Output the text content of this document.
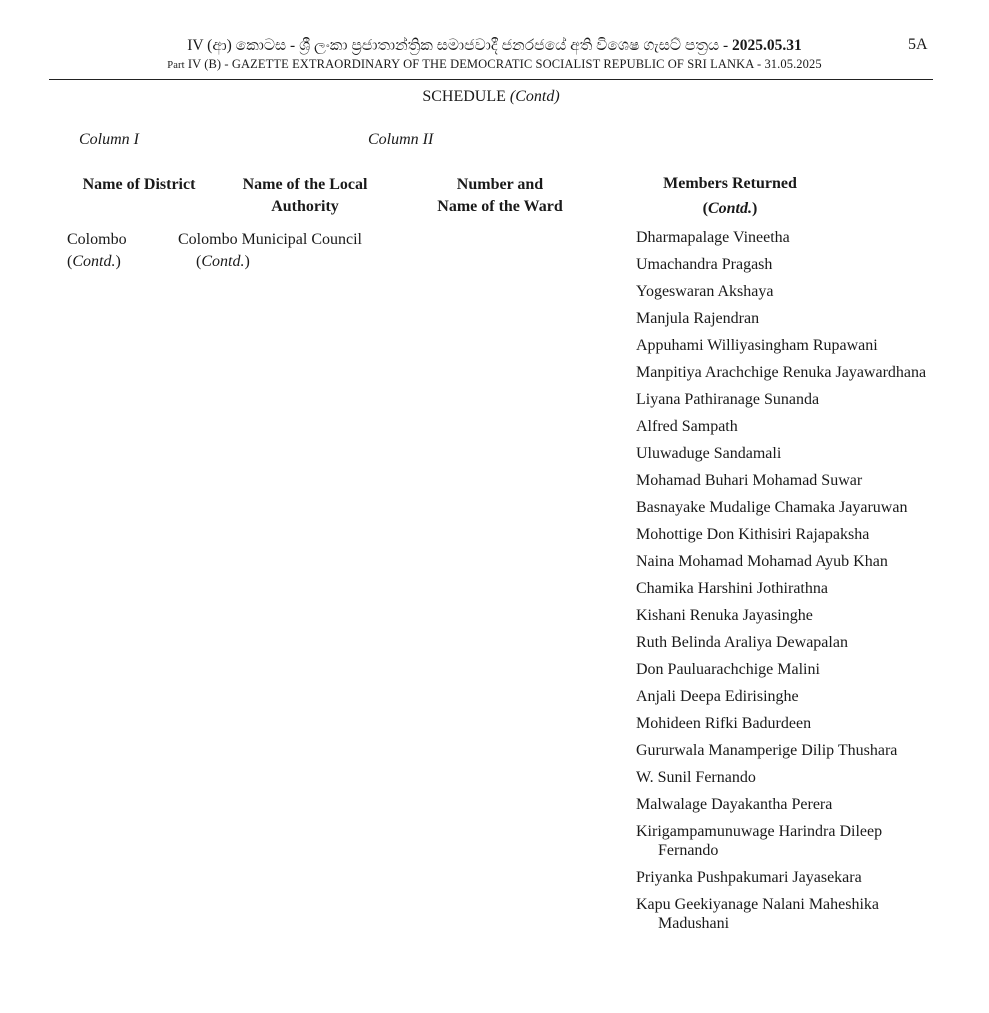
IV (ආ) කොටස - ශ්‍රී ලංකා ප්‍රජාතාන්ත්‍රික සමාජවාදී ජනරජයේ අති විශෙෂ ගැසට් පත්‍රය - 2025.05.31
Part IV (B) - GAZETTE EXTRAORDINARY OF THE DEMOCRATIC SOCIALIST REPUBLIC OF SRI LANKA - 31.05.2025
5A
SCHEDULE (Contd)
Column I	Column II
Name of District	Name of the Local
Authority
Number and
Name of the Ward
Members Returned
(Contd.)
Colombo
(Contd.)
Colombo Municipal Council
(Contd.)
Dharmapalage Vineetha
Umachandra Pragash
Yogeswaran Akshaya
Manjula Rajendran
Appuhami Williyasingham Rupawani
Manpitiya Arachchige Renuka Jayawardhana
Liyana Pathiranage Sunanda
Alfred Sampath
Uluwaduge Sandamali
Mohamad Buhari Mohamad Suwar
Basnayake Mudalige Chamaka Jayaruwan
Mohottige Don Kithisiri Rajapaksha
Naina Mohamad Mohamad Ayub Khan
Chamika Harshini Jothirathna
Kishani Renuka Jayasinghe
Ruth Belinda Araliya Dewapalan
Don Pauluarachchige Malini
Anjali Deepa Edirisinghe
Mohideen Rifki Badurdeen
Gururwala Manamperige Dilip Thushara
W. Sunil Fernando
Malwalage Dayakantha Perera
Kirigampamunuwage Harindra Dileep Fernando
Priyanka Pushpakumari Jayasekara
Kapu Geekiyanage Nalani Maheshika Madushani
